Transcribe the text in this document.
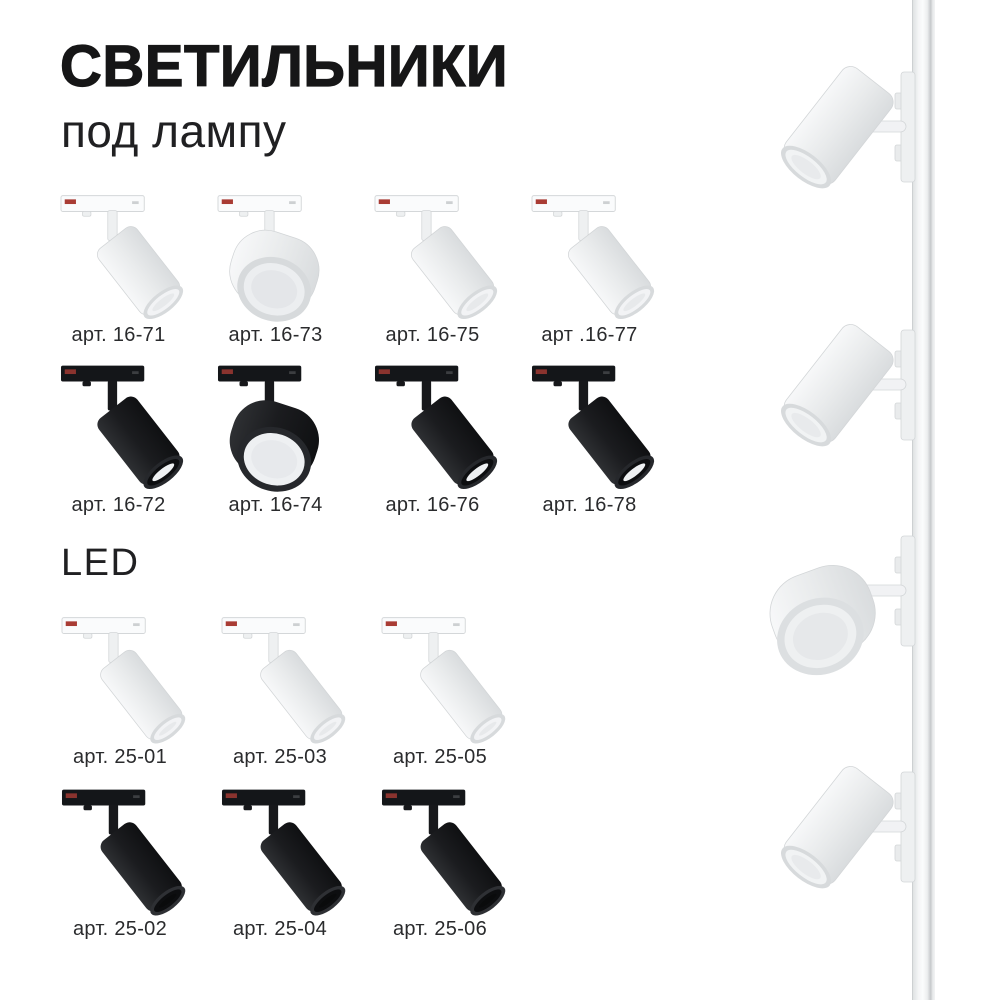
СВЕТИЛЬНИКИ
под лампу
арт. 16-71	арт. 16-73	арт. 16-75	арт .16-77
арт. 16-72	арт. 16-74	арт. 16-76	арт. 16-78
LED
арт. 25-01	арт. 25-03	арт. 25-05
арт. 25-02	арт. 25-04	арт. 25-06
